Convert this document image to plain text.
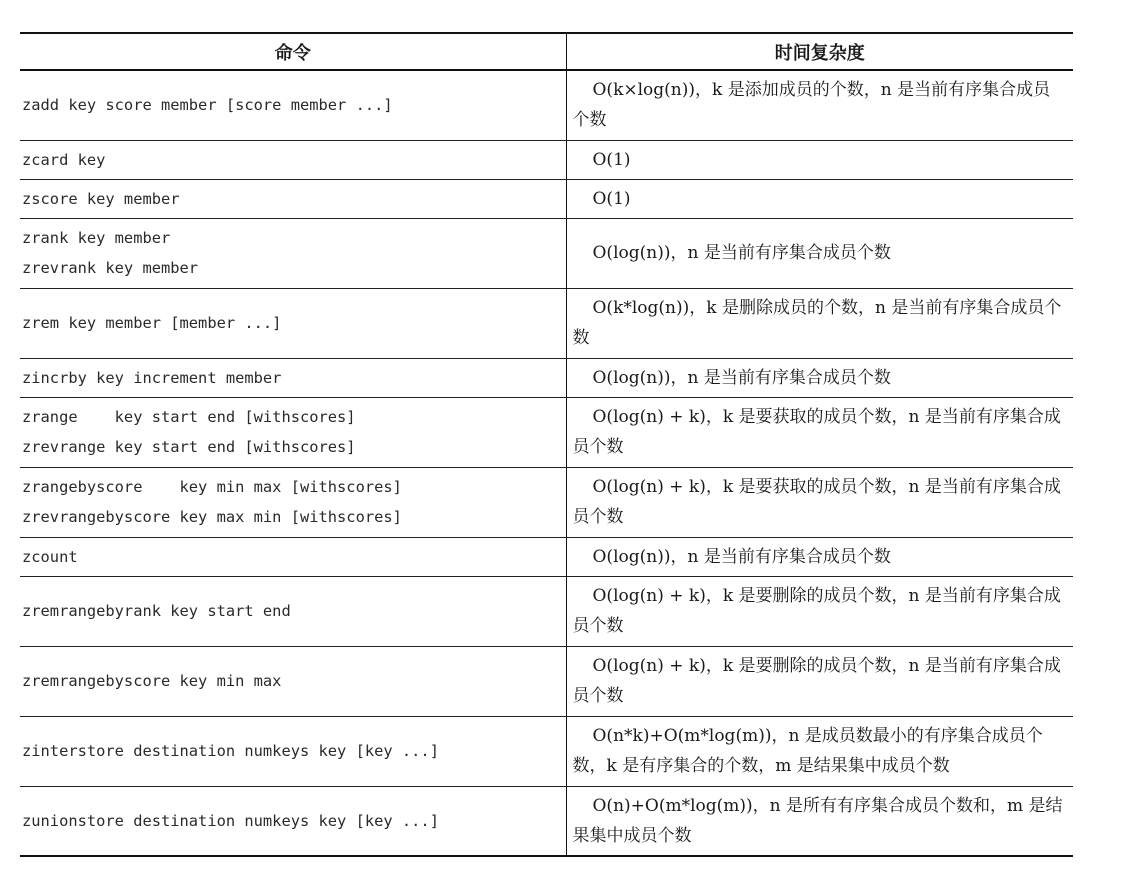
命令	时间复杂度

zadd key score member [score member ...]	O(k×log(n))，k 是添加成员的个数，n 是当前有序集合成员个数

zcard key	O(1)

zscore key member	O(1)

zrank key member
zrevrank key member	O(log(n))，n 是当前有序集合成员个数

zrem key member [member ...]	O(k*log(n))，k 是删除成员的个数，n 是当前有序集合成员个数

zincrby key increment member	O(log(n))，n 是当前有序集合成员个数

zrange    key start end [withscores]
zrevrange key start end [withscores]	O(log(n) + k)，k 是要获取的成员个数，n 是当前有序集合成员个数

zrangebyscore    key min max [withscores]
zrevrangebyscore key max min [withscores]	O(log(n) + k)，k 是要获取的成员个数，n 是当前有序集合成员个数

zcount	O(log(n))，n 是当前有序集合成员个数

zremrangebyrank key start end	O(log(n) + k)，k 是要删除的成员个数，n 是当前有序集合成员个数

zremrangebyscore key min max	O(log(n) + k)，k 是要删除的成员个数，n 是当前有序集合成员个数

zinterstore destination numkeys key [key ...]	O(n*k)+O(m*log(m))，n 是成员数最小的有序集合成员个数，k 是有序集合的个数，m 是结果集中成员个数

zunionstore destination numkeys key [key ...]	O(n)+O(m*log(m))，n 是所有有序集合成员个数和，m 是结果集中成员个数
